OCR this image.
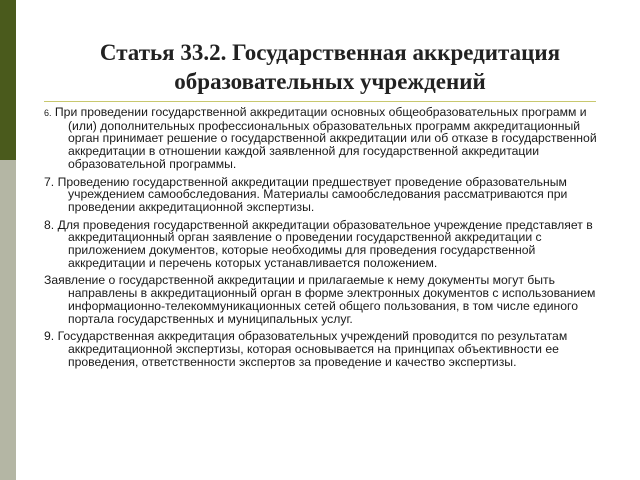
Статья 33.2. Государственная аккредитация
образовательных учреждений

6. При проведении государственной аккредитации основных общеобразовательных программ и (или) дополнительных профессиональных образовательных программ аккредитационный орган принимает решение о государственной аккредитации или об отказе в государственной аккредитации в отношении каждой заявленной для государственной аккредитации образовательной программы.

7. Проведению государственной аккредитации предшествует проведение образовательным учреждением самообследования. Материалы самообследования рассматриваются при проведении аккредитационной экспертизы.

8. Для проведения государственной аккредитации образовательное учреждение представляет в аккредитационный орган заявление о проведении государственной аккредитации с приложением документов, которые необходимы для проведения государственной аккредитации и перечень которых устанавливается положением.

Заявление о государственной аккредитации и прилагаемые к нему документы могут быть направлены в аккредитационный орган в форме электронных документов с использованием информационно-телекоммуникационных сетей общего пользования, в том числе единого портала государственных и муниципальных услуг.

9. Государственная аккредитация образовательных учреждений проводится по результатам аккредитационной экспертизы, которая основывается на принципах объективности ее проведения, ответственности экспертов за проведение и качество экспертизы.
